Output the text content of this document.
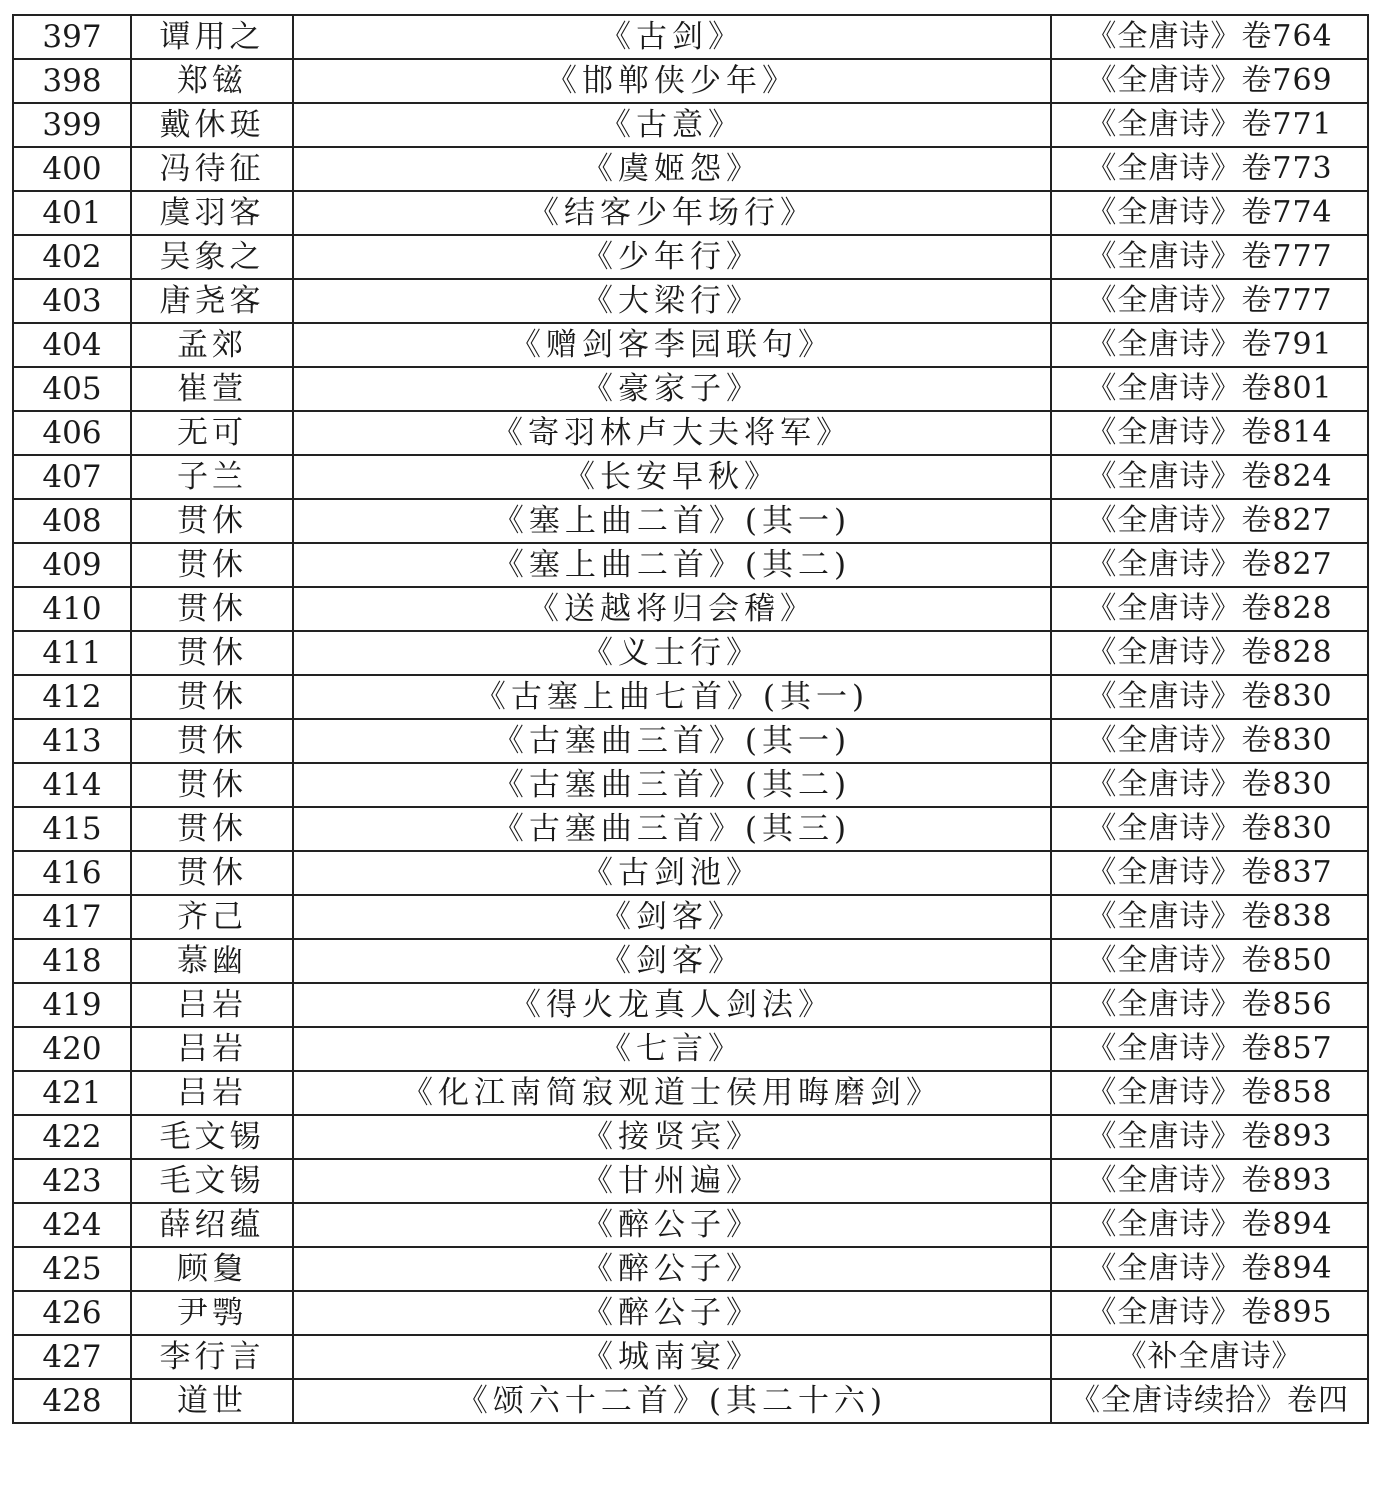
397	谭用之	《古剑》	《全唐诗》卷764
398	郑镃	《邯郸侠少年》	《全唐诗》卷769
399	戴休珽	《古意》	《全唐诗》卷771
400	冯待征	《虞姬怨》	《全唐诗》卷773
401	虞羽客	《结客少年场行》	《全唐诗》卷774
402	吴象之	《少年行》	《全唐诗》卷777
403	唐尧客	《大梁行》	《全唐诗》卷777
404	孟郊	《赠剑客李园联句》	《全唐诗》卷791
405	崔萱	《豪家子》	《全唐诗》卷801
406	无可	《寄羽林卢大夫将军》	《全唐诗》卷814
407	子兰	《长安早秋》	《全唐诗》卷824
408	贯休	《塞上曲二首》(其一)	《全唐诗》卷827
409	贯休	《塞上曲二首》(其二)	《全唐诗》卷827
410	贯休	《送越将归会稽》	《全唐诗》卷828
411	贯休	《义士行》	《全唐诗》卷828
412	贯休	《古塞上曲七首》(其一)	《全唐诗》卷830
413	贯休	《古塞曲三首》(其一)	《全唐诗》卷830
414	贯休	《古塞曲三首》(其二)	《全唐诗》卷830
415	贯休	《古塞曲三首》(其三)	《全唐诗》卷830
416	贯休	《古剑池》	《全唐诗》卷837
417	齐己	《剑客》	《全唐诗》卷838
418	慕幽	《剑客》	《全唐诗》卷850
419	吕岩	《得火龙真人剑法》	《全唐诗》卷856
420	吕岩	《七言》	《全唐诗》卷857
421	吕岩	《化江南简寂观道士侯用晦磨剑》	《全唐诗》卷858
422	毛文锡	《接贤宾》	《全唐诗》卷893
423	毛文锡	《甘州遍》	《全唐诗》卷893
424	薛绍蕴	《醉公子》	《全唐诗》卷894
425	顾敻	《醉公子》	《全唐诗》卷894
426	尹鹗	《醉公子》	《全唐诗》卷895
427	李行言	《城南宴》	《补全唐诗》
428	道世	《颂六十二首》(其二十六)	《全唐诗续拾》卷四
